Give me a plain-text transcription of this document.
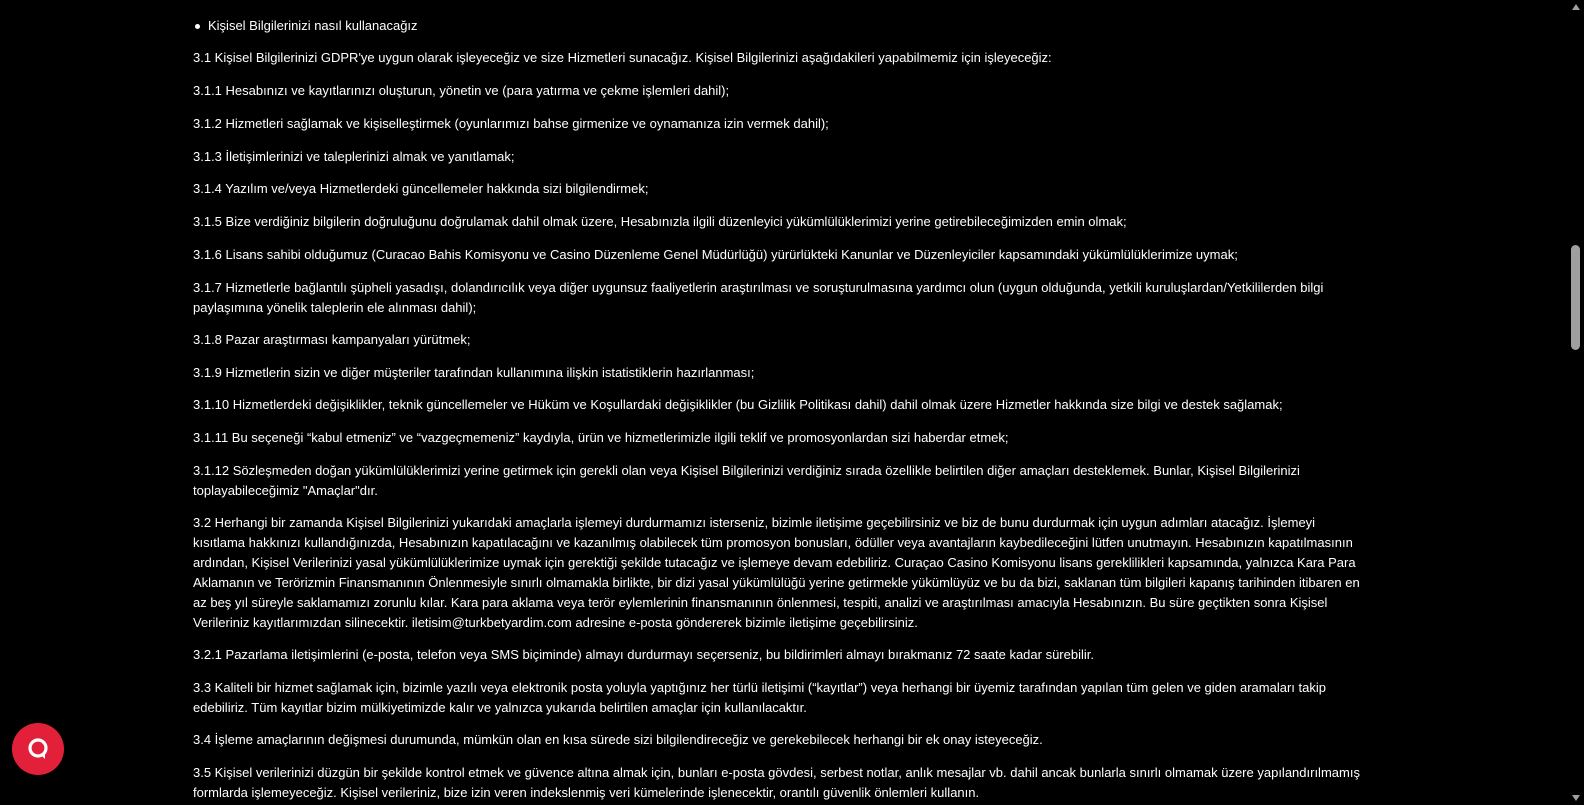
Kişisel Bilgilerinizi nasıl kullanacağız

3.1 Kişisel Bilgilerinizi GDPR'ye uygun olarak işleyeceğiz ve size Hizmetleri sunacağız. Kişisel Bilgilerinizi aşağıdakileri yapabilmemiz için işleyeceğiz:

3.1.1 Hesabınızı ve kayıtlarınızı oluşturun, yönetin ve (para yatırma ve çekme işlemleri dahil);

3.1.2 Hizmetleri sağlamak ve kişiselleştirmek (oyunlarımızı bahse girmenize ve oynamanıza izin vermek dahil);

3.1.3 İletişimlerinizi ve taleplerinizi almak ve yanıtlamak;

3.1.4 Yazılım ve/veya Hizmetlerdeki güncellemeler hakkında sizi bilgilendirmek;

3.1.5 Bize verdiğiniz bilgilerin doğruluğunu doğrulamak dahil olmak üzere, Hesabınızla ilgili düzenleyici yükümlülüklerimizi yerine getirebileceğimizden emin olmak;

3.1.6 Lisans sahibi olduğumuz (Curacao Bahis Komisyonu ve Casino Düzenleme Genel Müdürlüğü) yürürlükteki Kanunlar ve Düzenleyiciler kapsamındaki yükümlülüklerimize uymak;

3.1.7 Hizmetlerle bağlantılı şüpheli yasadışı, dolandırıcılık veya diğer uygunsuz faaliyetlerin araştırılması ve soruşturulmasına yardımcı olun (uygun olduğunda, yetkili kuruluşlardan/Yetkililerden bilgi paylaşımına yönelik taleplerin ele alınması dahil);

3.1.8 Pazar araştırması kampanyaları yürütmek;

3.1.9 Hizmetlerin sizin ve diğer müşteriler tarafından kullanımına ilişkin istatistiklerin hazırlanması;

3.1.10 Hizmetlerdeki değişiklikler, teknik güncellemeler ve Hüküm ve Koşullardaki değişiklikler (bu Gizlilik Politikası dahil) dahil olmak üzere Hizmetler hakkında size bilgi ve destek sağlamak;

3.1.11 Bu seçeneği “kabul etmeniz” ve “vazgeçmemeniz” kaydıyla, ürün ve hizmetlerimizle ilgili teklif ve promosyonlardan sizi haberdar etmek;

3.1.12 Sözleşmeden doğan yükümlülüklerimizi yerine getirmek için gerekli olan veya Kişisel Bilgilerinizi verdiğiniz sırada özellikle belirtilen diğer amaçları desteklemek. Bunlar, Kişisel Bilgilerinizi toplayabileceğimiz "Amaçlar"dır.

3.2 Herhangi bir zamanda Kişisel Bilgilerinizi yukarıdaki amaçlarla işlemeyi durdurmamızı isterseniz, bizimle iletişime geçebilirsiniz ve biz de bunu durdurmak için uygun adımları atacağız. İşlemeyi kısıtlama hakkınızı kullandığınızda, Hesabınızın kapatılacağını ve kazanılmış olabilecek tüm promosyon bonusları, ödüller veya avantajların kaybedileceğini lütfen unutmayın. Hesabınızın kapatılmasının ardından, Kişisel Verilerinizi yasal yükümlülüklerimize uymak için gerektiği şekilde tutacağız ve işlemeye devam edebiliriz. Curaçao Casino Komisyonu lisans gereklilikleri kapsamında, yalnızca Kara Para Aklamanın ve Terörizmin Finansmanının Önlenmesiyle sınırlı olmamakla birlikte, bir dizi yasal yükümlülüğü yerine getirmekle yükümlüyüz ve bu da bizi, saklanan tüm bilgileri kapanış tarihinden itibaren en az beş yıl süreyle saklamamızı zorunlu kılar. Kara para aklama veya terör eylemlerinin finansmanının önlenmesi, tespiti, analizi ve araştırılması amacıyla Hesabınızın. Bu süre geçtikten sonra Kişisel Verileriniz kayıtlarımızdan silinecektir. iletisim@turkbetyardim.com adresine e-posta göndererek bizimle iletişime geçebilirsiniz.

3.2.1 Pazarlama iletişimlerini (e-posta, telefon veya SMS biçiminde) almayı durdurmayı seçerseniz, bu bildirimleri almayı bırakmanız 72 saate kadar sürebilir.

3.3 Kaliteli bir hizmet sağlamak için, bizimle yazılı veya elektronik posta yoluyla yaptığınız her türlü iletişimi (“kayıtlar”) veya herhangi bir üyemiz tarafından yapılan tüm gelen ve giden aramaları takip edebiliriz. Tüm kayıtlar bizim mülkiyetimizde kalır ve yalnızca yukarıda belirtilen amaçlar için kullanılacaktır.

3.4 İşleme amaçlarının değişmesi durumunda, mümkün olan en kısa sürede sizi bilgilendireceğiz ve gerekebilecek herhangi bir ek onay isteyeceğiz.

3.5 Kişisel verilerinizi düzgün bir şekilde kontrol etmek ve güvence altına almak için, bunları e-posta gövdesi, serbest notlar, anlık mesajlar vb. dahil ancak bunlarla sınırlı olmamak üzere yapılandırılmamış formlarda işlemeyeceğiz. Kişisel verileriniz, bize izin veren indekslenmiş veri kümelerinde işlenecektir, orantılı güvenlik önlemleri kullanın.
